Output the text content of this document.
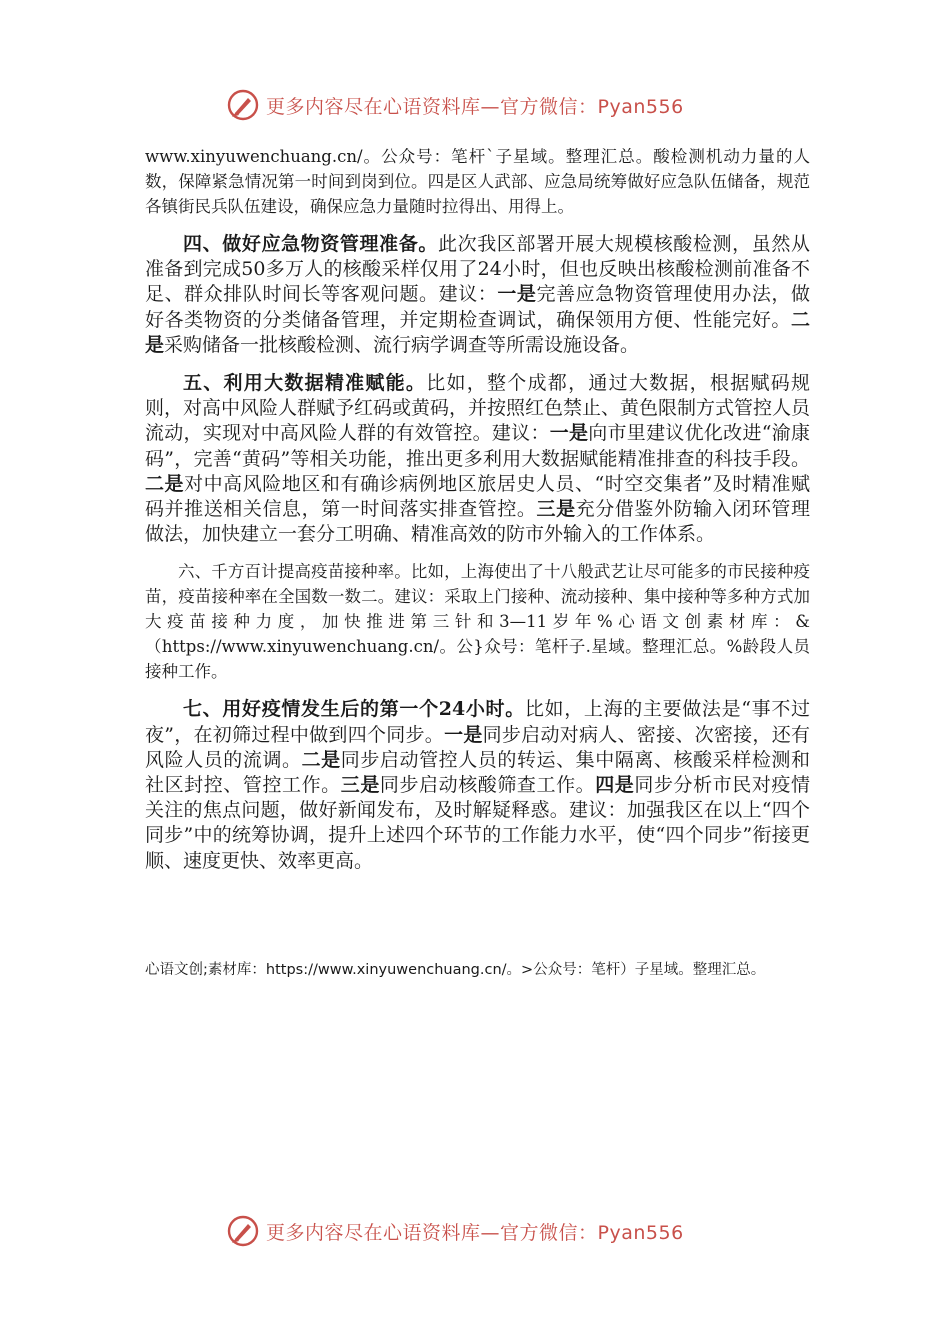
更多内容尽在心语资料库—官方微信：Pyan556

www.xinyuwenchuang.cn/。公众号：笔杆`子星域。整理汇总。酸检测机动力量的人数，保障紧急情况第一时间到岗到位。四是区人武部、应急局统筹做好应急队伍储备，规范各镇街民兵队伍建设，确保应急力量随时拉得出、用得上。

四、做好应急物资管理准备。此次我区部署开展大规模核酸检测，虽然从准备到完成50多万人的核酸采样仅用了24小时，但也反映出核酸检测前准备不足、群众排队时间长等客观问题。建议：一是完善应急物资管理使用办法，做好各类物资的分类储备管理，并定期检查调试，确保领用方便、性能完好。二是采购储备一批核酸检测、流行病学调查等所需设施设备。

五、利用大数据精准赋能。比如，整个成都，通过大数据，根据赋码规则，对高中风险人群赋予红码或黄码，并按照红色禁止、黄色限制方式管控人员流动，实现对中高风险人群的有效管控。建议：一是向市里建议优化改进“渝康码”，完善“黄码”等相关功能，推出更多利用大数据赋能精准排查的科技手段。二是对中高风险地区和有确诊病例地区旅居史人员、“时空交集者”及时精准赋码并推送相关信息，第一时间落实排查管控。三是充分借鉴外防输入闭环管理做法，加快建立一套分工明确、精准高效的防市外输入的工作体系。

六、千方百计提高疫苗接种率。比如，上海使出了十八般武艺让尽可能多的市民接种疫苗，疫苗接种率在全国数一数二。建议：采取上门接种、流动接种、集中接种等多种方式加大疫苗接种力度，加快推进第三针和3—11岁年%心语文创素材库：&（https://www.xinyuwenchuang.cn/。公}众号：笔杆子.星域。整理汇总。%龄段人员接种工作。

七、用好疫情发生后的第一个24小时。比如，上海的主要做法是“事不过夜”，在初筛过程中做到四个同步。一是同步启动对病人、密接、次密接，还有风险人员的流调。二是同步启动管控人员的转运、集中隔离、核酸采样检测和社区封控、管控工作。三是同步启动核酸筛查工作。四是同步分析市民对疫情关注的焦点问题，做好新闻发布，及时解疑释惑。建议：加强我区在以上“四个同步”中的统筹协调，提升上述四个环节的工作能力水平，使“四个同步”衔接更顺、速度更快、效率更高。

心语文创;素材库：https://www.xinyuwenchuang.cn/。>公众号：笔杆）子星域。整理汇总。
更多内容尽在心语资料库—官方微信：Pyan556
